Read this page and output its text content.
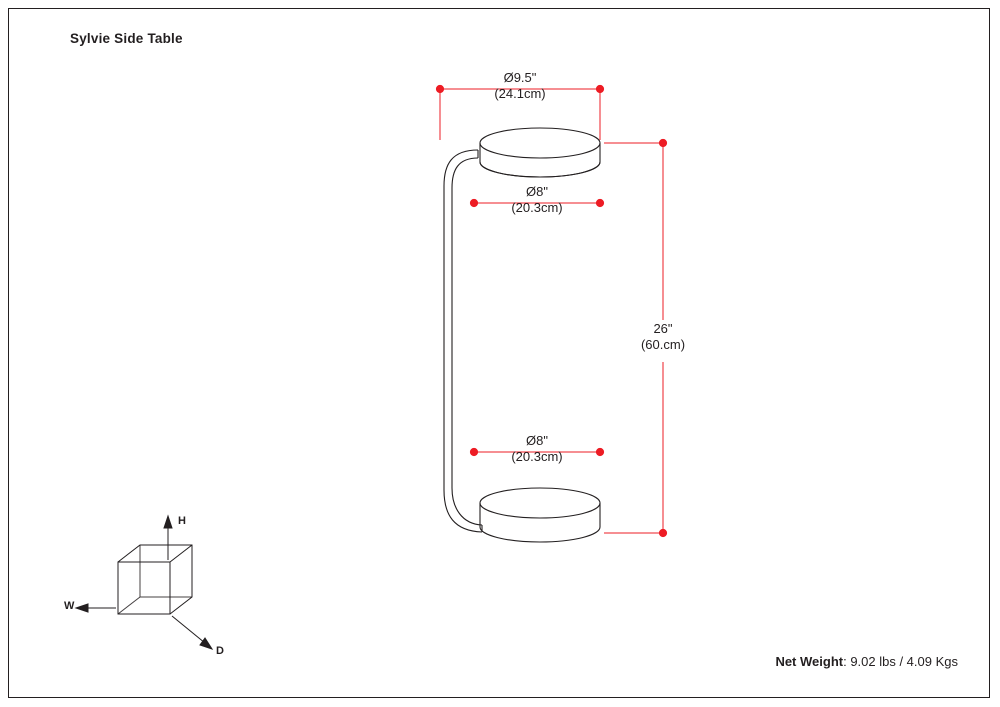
Sylvie Side Table
Ø9.5"
(24.1cm)
Ø8"
(20.3cm)
Ø8"
(20.3cm)
26"
(60.cm)
H
W
D
Net Weight: 9.02 lbs / 4.09 Kgs
